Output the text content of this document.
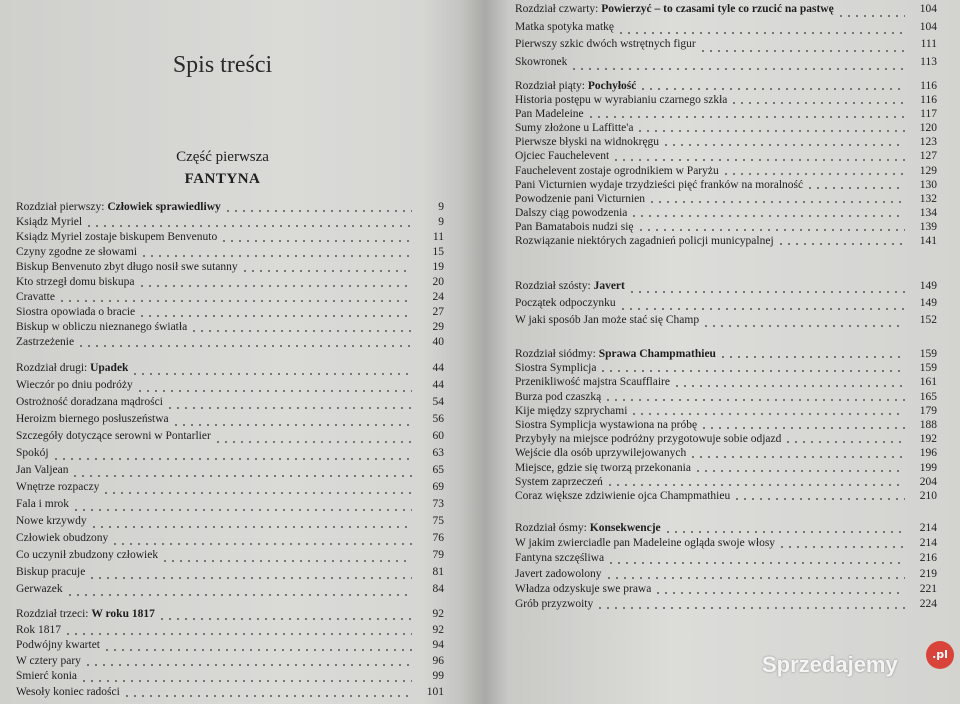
Spis treści
Część pierwsza
FANTYNA
Rozdział pierwszy: Człowiek sprawiedliwy	9
Ksiądz Myriel	9
Ksiądz Myriel zostaje biskupem Benvenuto	11
Czyny zgodne ze słowami	15
Biskup Benvenuto zbyt długo nosił swe sutanny	19
Kto strzegł domu biskupa	20
Cravatte	24
Siostra opowiada o bracie	27
Biskup w obliczu nieznanego światła	29
Zastrzeżenie	40
Rozdział drugi: Upadek	44
Wieczór po dniu podróży	44
Ostrożność doradzana mądrości	54
Heroizm biernego posłuszeństwa	56
Szczegóły dotyczące serowni w Pontarlier	60
Spokój	63
Jan Valjean	65
Wnętrze rozpaczy	69
Fala i mrok	73
Nowe krzywdy	75
Człowiek obudzony	76
Co uczynił zbudzony człowiek	79
Biskup pracuje	81
Gerwazek	84
Rozdział trzeci: W roku 1817	92
Rok 1817	92
Podwójny kwartet	94
W cztery pary	96
Śmierć konia	99
Wesoły koniec radości	101
Rozdział czwarty: Powierzyć – to czasami tyle co rzucić na pastwę	104
Matka spotyka matkę	104
Pierwszy szkic dwóch wstrętnych figur	111
Skowronek	113
Rozdział piąty: Pochyłość	116
Historia postępu w wyrabianiu czarnego szkła	116
Pan Madeleine	117
Sumy złożone u Laffitte'a	120
Pierwsze błyski na widnokręgu	123
Ojciec Fauchelevent	127
Fauchelevent zostaje ogrodnikiem w Paryżu	129
Pani Victurnien wydaje trzydzieści pięć franków na moralność	130
Powodzenie pani Victurnien	132
Dalszy ciąg powodzenia	134
Pan Bamatabois nudzi się	139
Rozwiązanie niektórych zagadnień policji municypalnej	141
Rozdział szósty: Javert	149
Początek odpoczynku	149
W jaki sposób Jan może stać się Champ	152
Rozdział siódmy: Sprawa Champmathieu	159
Siostra Symplicja	159
Przenikliwość majstra Scaufflaire	161
Burza pod czaszką	165
Kije między szprychami	179
Siostra Symplicja wystawiona na próbę	188
Przybyły na miejsce podróżny przygotowuje sobie odjazd	192
Wejście dla osób uprzywilejowanych	196
Miejsce, gdzie się tworzą przekonania	199
System zaprzeczeń	204
Coraz większe zdziwienie ojca Champmathieu	210
Rozdział ósmy: Konsekwencje	214
W jakim zwierciadle pan Madeleine ogląda swoje włosy	214
Fantyna szczęśliwa	216
Javert zadowolony	219
Władza odzyskuje swe prawa	221
Grób przyzwoity	224
Sprzedajemy	.pl
